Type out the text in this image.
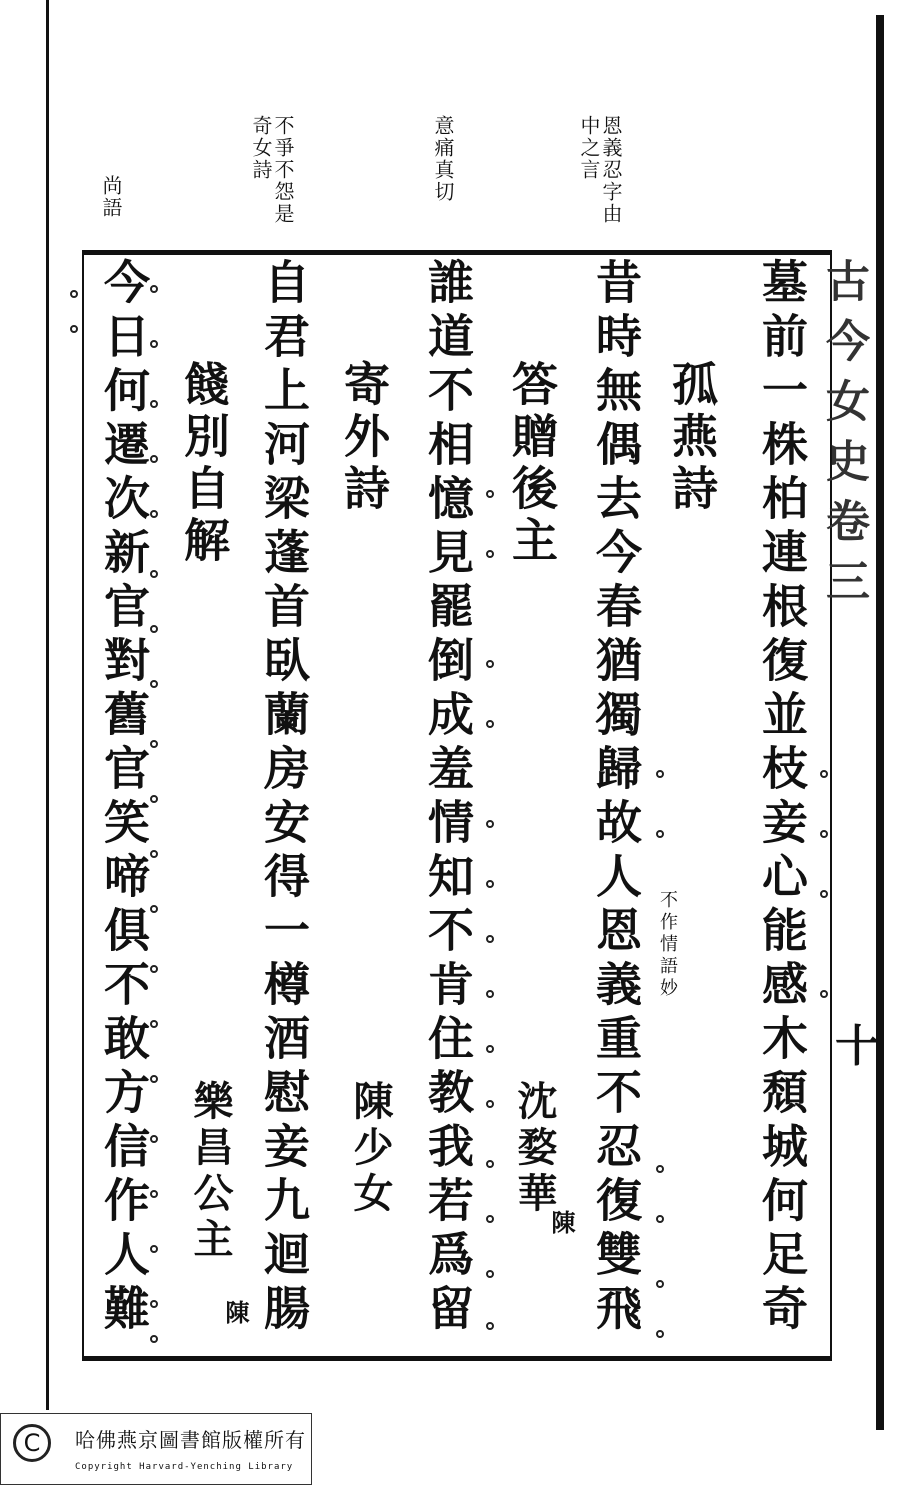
古今女史卷三
十
恩義忍字由中之言
意痛真切
不爭不怨是奇女詩
尚語
墓前一株柏連根復並枝妾心能感木頹城何足奇
孤燕詩
昔時無偶去今春猶獨歸故人恩義重不忍復雙飛
答贈後主
誰道不相憶見罷倒成羞情知不肯住教我若爲留
寄外詩
自君上河梁蓬首臥蘭房安得一樽酒慰妾九迴腸
餞別自解
今日何遷次新官對舊官笑啼俱不敢方信作人難	沈婺華
陳
陳少女
樂昌公主
陳
不作情語妙
C	哈佛燕京圖書館版權所有
Copyright Harvard-Yenching Library
